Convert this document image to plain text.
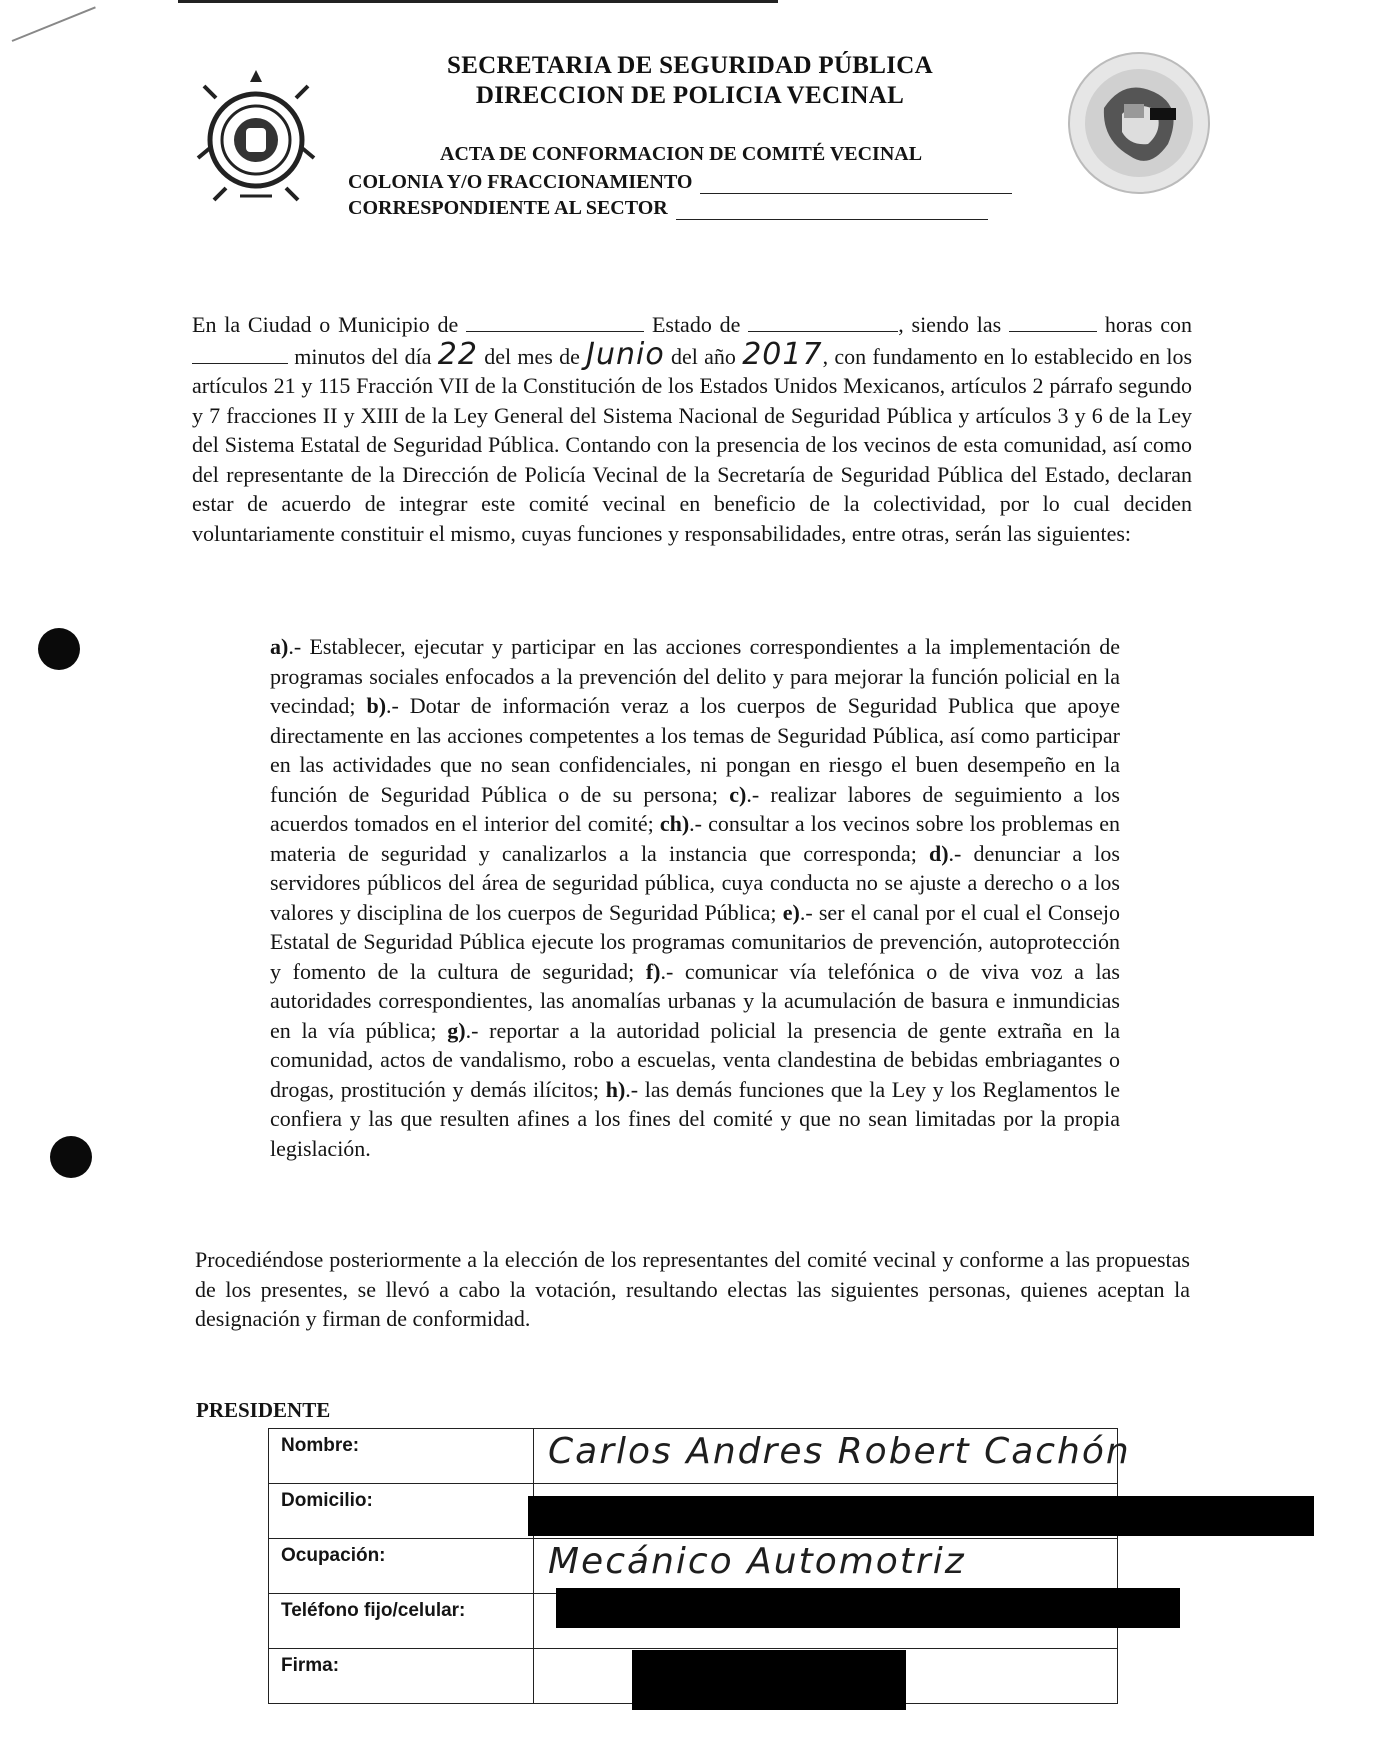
SECRETARIA DE SEGURIDAD PÚBLICA
DIRECCION DE POLICIA VECINAL
ACTA DE CONFORMACION DE COMITÉ VECINAL
COLONIA Y/O FRACCIONAMIENTO
CORRESPONDIENTE AL SECTOR
En la Ciudad o Municipio de	Estado de	, siendo las	horas con  minutos del día 22 del mes de Junio del año 2017, con fundamento en lo establecido en los artículos 21 y 115 Fracción VII de la Constitución de los Estados Unidos Mexicanos, artículos 2 párrafo segundo y 7 fracciones II y XIII de la Ley General del Sistema Nacional de Seguridad Pública y artículos 3 y 6 de la Ley del Sistema Estatal de Seguridad Pública. Contando con la presencia de los vecinos de esta comunidad, así como del representante de la Dirección de Policía Vecinal de la Secretaría de Seguridad Pública del Estado, declaran estar de acuerdo de integrar este comité vecinal en beneficio de la colectividad, por lo cual deciden voluntariamente constituir el mismo, cuyas funciones y responsabilidades, entre otras, serán las siguientes:
a).- Establecer, ejecutar y participar en las acciones correspondientes a la implementación de programas sociales enfocados a la prevención del delito y para mejorar la función policial en la vecindad; b).- Dotar de información veraz a los cuerpos de Seguridad Publica que apoye directamente en las acciones competentes a los temas de Seguridad Pública, así como participar en las actividades que no sean confidenciales, ni pongan en riesgo el buen desempeño en la función de Seguridad Pública o de su persona; c).- realizar labores de seguimiento a los acuerdos tomados en el interior del comité; ch).- consultar a los vecinos sobre los problemas en materia de seguridad y canalizarlos a la instancia que corresponda; d).- denunciar a los servidores públicos del área de seguridad pública, cuya conducta no se ajuste a derecho o a los valores y disciplina de los cuerpos de Seguridad Pública; e).- ser el canal por el cual el Consejo Estatal de Seguridad Pública ejecute los programas comunitarios de prevención, autoprotección y fomento de la cultura de seguridad; f).- comunicar vía telefónica o de viva voz a las autoridades correspondientes, las anomalías urbanas y la acumulación de basura e inmundicias en la vía pública; g).- reportar a la autoridad policial la presencia de gente extraña en la comunidad, actos de vandalismo, robo a escuelas, venta clandestina de bebidas embriagantes o drogas, prostitución y demás ilícitos; h).- las demás funciones que la Ley y los Reglamentos le confiera y las que resulten afines a los fines del comité y que no sean limitadas por la propia legislación.
Procediéndose posteriormente a la elección de los representantes del comité vecinal y conforme a las propuestas de los presentes, se llevó a cabo la votación, resultando electas las siguientes personas, quienes aceptan la designación y firman de conformidad.
PRESIDENTE
Nombre:	Carlos Andres Robert Cachón

Domicilio:	
Ocupación:	Mecánico Automotriz

Teléfono fijo/celular:	
Firma:	
